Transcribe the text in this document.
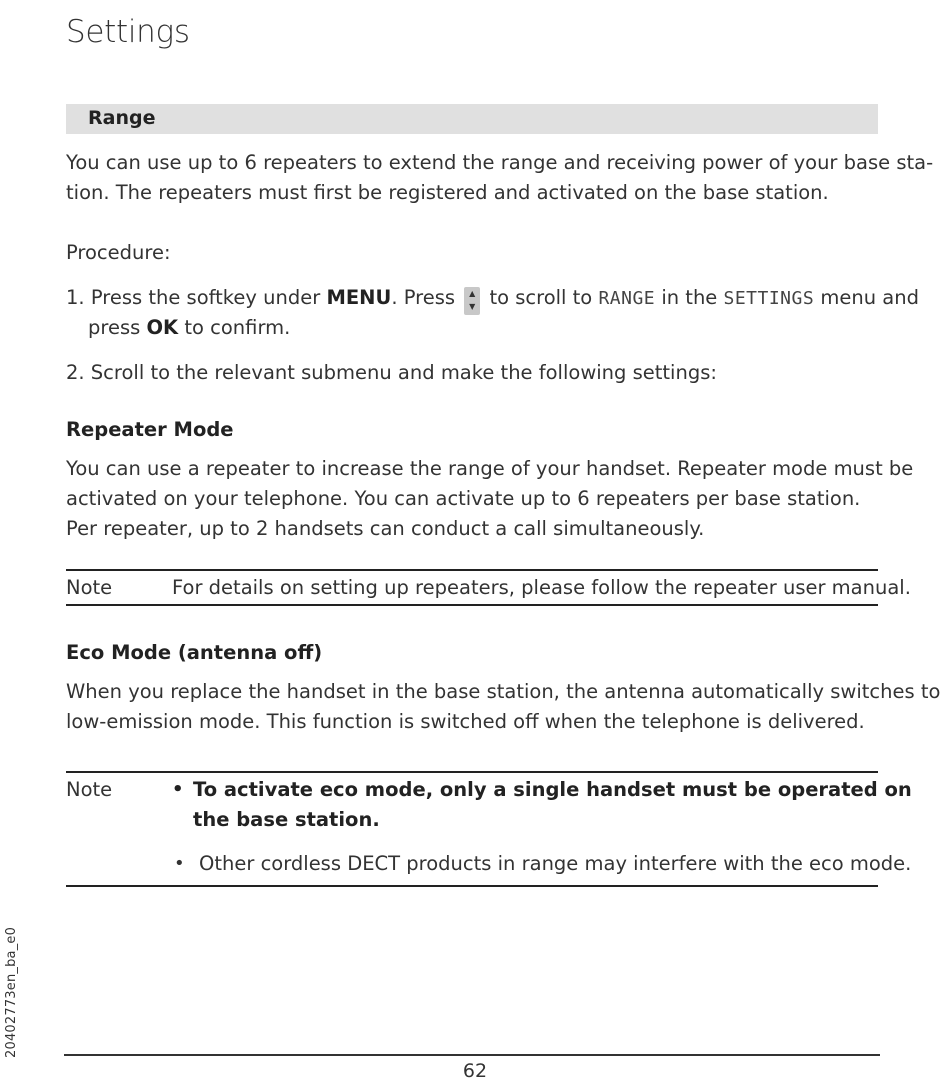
Settings
Range
You can use up to 6 repeaters to extend the range and receiving power of your base sta-
tion. The repeaters must first be registered and activated on the base station.
Procedure:
1. Press the softkey under MENU. Press ▲
▼ to scroll to RANGE in the SETTINGS menu and
press OK to confirm.
2. Scroll to the relevant submenu and make the following settings:
Repeater Mode
You can use a repeater to increase the range of your handset. Repeater mode must be
activated on your telephone. You can activate up to 6 repeaters per base station.
Per repeater, up to 2 handsets can conduct a call simultaneously.
Note	For details on setting up repeaters, please follow the repeater user manual.
Eco Mode (antenna off)
When you replace the handset in the base station, the antenna automatically switches to
low-emission mode. This function is switched off when the telephone is delivered.
Note	• To activate eco mode, only a single handset must be operated on
the base station.
• Other cordless DECT products in range may interfere with the eco mode.
20402773en_ba_e0
62
